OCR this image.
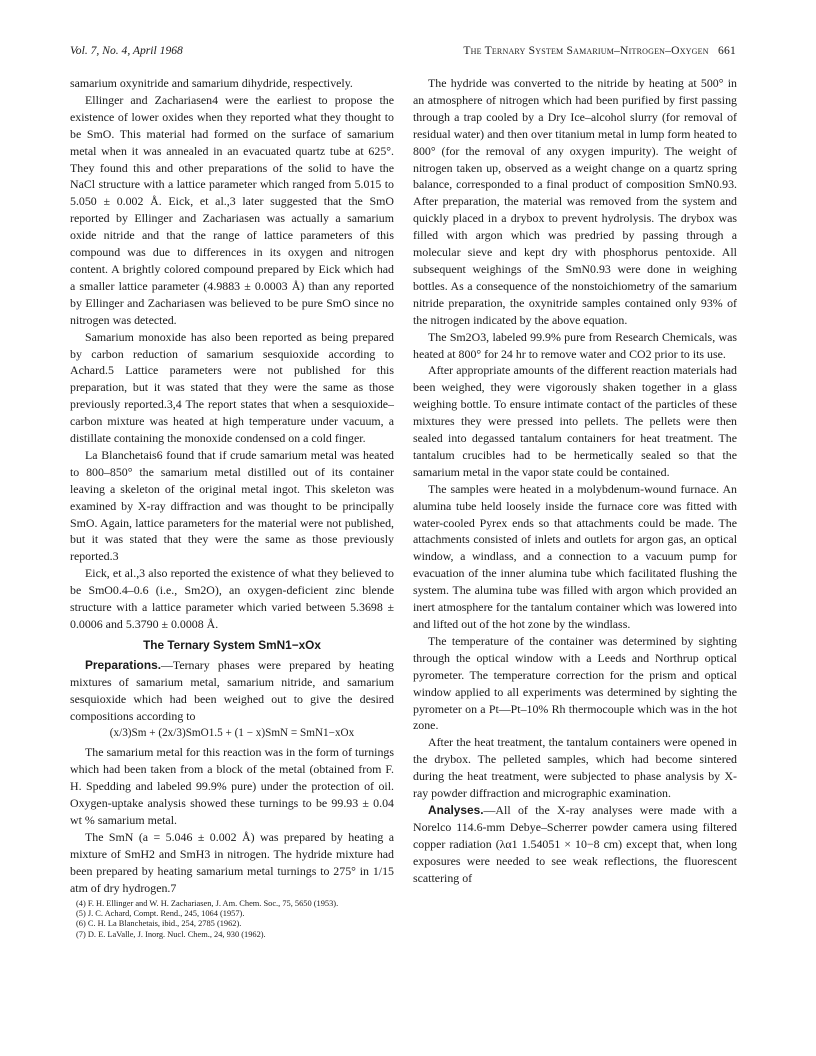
Vol. 7, No. 4, April 1968	The Ternary System Samarium–Nitrogen–Oxygen 661

samarium oxynitride and samarium dihydride, respectively.

Ellinger and Zachariasen4 were the earliest to propose the existence of lower oxides when they reported what they thought to be SmO. This material had formed on the surface of samarium metal when it was annealed in an evacuated quartz tube at 625°. They found this and other preparations of the solid to have the NaCl structure with a lattice parameter which ranged from 5.015 to 5.050 ± 0.002 Å. Eick, et al.,3 later suggested that the SmO reported by Ellinger and Zachariasen was actually a samarium oxide nitride and that the range of lattice parameters of this compound was due to differences in its oxygen and nitrogen content. A brightly colored compound prepared by Eick which had a smaller lattice parameter (4.9883 ± 0.0003 Å) than any reported by Ellinger and Zachariasen was believed to be pure SmO since no nitrogen was detected.

Samarium monoxide has also been reported as being prepared by carbon reduction of samarium sesquioxide according to Achard.5 Lattice parameters were not published for this preparation, but it was stated that they were the same as those previously reported.3,4 The report states that when a sesquioxide–carbon mixture was heated at high temperature under vacuum, a distillate containing the monoxide condensed on a cold finger.

La Blanchetais6 found that if crude samarium metal was heated to 800–850° the samarium metal distilled out of its container leaving a skeleton of the original metal ingot. This skeleton was examined by X-ray diffraction and was thought to be principally SmO. Again, lattice parameters for the material were not published, but it was stated that they were the same as those previously reported.3

Eick, et al.,3 also reported the existence of what they believed to be SmO0.4–0.6 (i.e., Sm2O), an oxygen-deficient zinc blende structure with a lattice parameter which varied between 5.3698 ± 0.0006 and 5.3790 ± 0.0008 Å.

The Ternary System SmN1−xOx

Preparations.—Ternary phases were prepared by heating mixtures of samarium metal, samarium nitride, and samarium sesquioxide which had been weighed out to give the desired compositions according to

(x/3)Sm + (2x/3)SmO1.5 + (1 − x)SmN = SmN1−xOx

The samarium metal for this reaction was in the form of turnings which had been taken from a block of the metal (obtained from F. H. Spedding and labeled 99.9% pure) under the protection of oil. Oxygen-uptake analysis showed these turnings to be 99.93 ± 0.04 wt % samarium metal.

The SmN (a = 5.046 ± 0.002 Å) was prepared by heating a mixture of SmH2 and SmH3 in nitrogen. The hydride mixture had been prepared by heating samarium metal turnings to 275° in 1/15 atm of dry hydrogen.7

(4) F. H. Ellinger and W. H. Zachariasen, J. Am. Chem. Soc., 75, 5650 (1953).
(5) J. C. Achard, Compt. Rend., 245, 1064 (1957).
(6) C. H. La Blanchetais, ibid., 254, 2785 (1962).
(7) D. E. LaValle, J. Inorg. Nucl. Chem., 24, 930 (1962).

The hydride was converted to the nitride by heating at 500° in an atmosphere of nitrogen which had been purified by first passing through a trap cooled by a Dry Ice–alcohol slurry (for removal of residual water) and then over titanium metal in lump form heated to 800° (for the removal of any oxygen impurity). The weight of nitrogen taken up, observed as a weight change on a quartz spring balance, corresponded to a final product of composition SmN0.93. After preparation, the material was removed from the system and quickly placed in a drybox to prevent hydrolysis. The drybox was filled with argon which was predried by passing through a molecular sieve and kept dry with phosphorus pentoxide. All subsequent weighings of the SmN0.93 were done in weighing bottles. As a consequence of the nonstoichiometry of the samarium nitride preparation, the oxynitride samples contained only 93% of the nitrogen indicated by the above equation.

The Sm2O3, labeled 99.9% pure from Research Chemicals, was heated at 800° for 24 hr to remove water and CO2 prior to its use.

After appropriate amounts of the different reaction materials had been weighed, they were vigorously shaken together in a glass weighing bottle. To ensure intimate contact of the particles of these mixtures they were pressed into pellets. The pellets were then sealed into degassed tantalum containers for heat treatment. The tantalum crucibles had to be hermetically sealed so that the samarium metal in the vapor state could be contained.

The samples were heated in a molybdenum-wound furnace. An alumina tube held loosely inside the furnace core was fitted with water-cooled Pyrex ends so that attachments could be made. The attachments consisted of inlets and outlets for argon gas, an optical window, a windlass, and a connection to a vacuum pump for evacuation of the inner alumina tube which facilitated flushing the system. The alumina tube was filled with argon which provided an inert atmosphere for the tantalum container which was lowered into and lifted out of the hot zone by the windlass.

The temperature of the container was determined by sighting through the optical window with a Leeds and Northrup optical pyrometer. The temperature correction for the prism and optical window applied to all experiments was determined by sighting the pyrometer on a Pt—Pt–10% Rh thermocouple which was in the hot zone.

After the heat treatment, the tantalum containers were opened in the drybox. The pelleted samples, which had become sintered during the heat treatment, were subjected to phase analysis by X-ray powder diffraction and micrographic examination.

Analyses.—All of the X-ray analyses were made with a Norelco 114.6-mm Debye–Scherrer powder camera using filtered copper radiation (λα1 1.54051 × 10−8 cm) except that, when long exposures were needed to see weak reflections, the fluorescent scattering of
